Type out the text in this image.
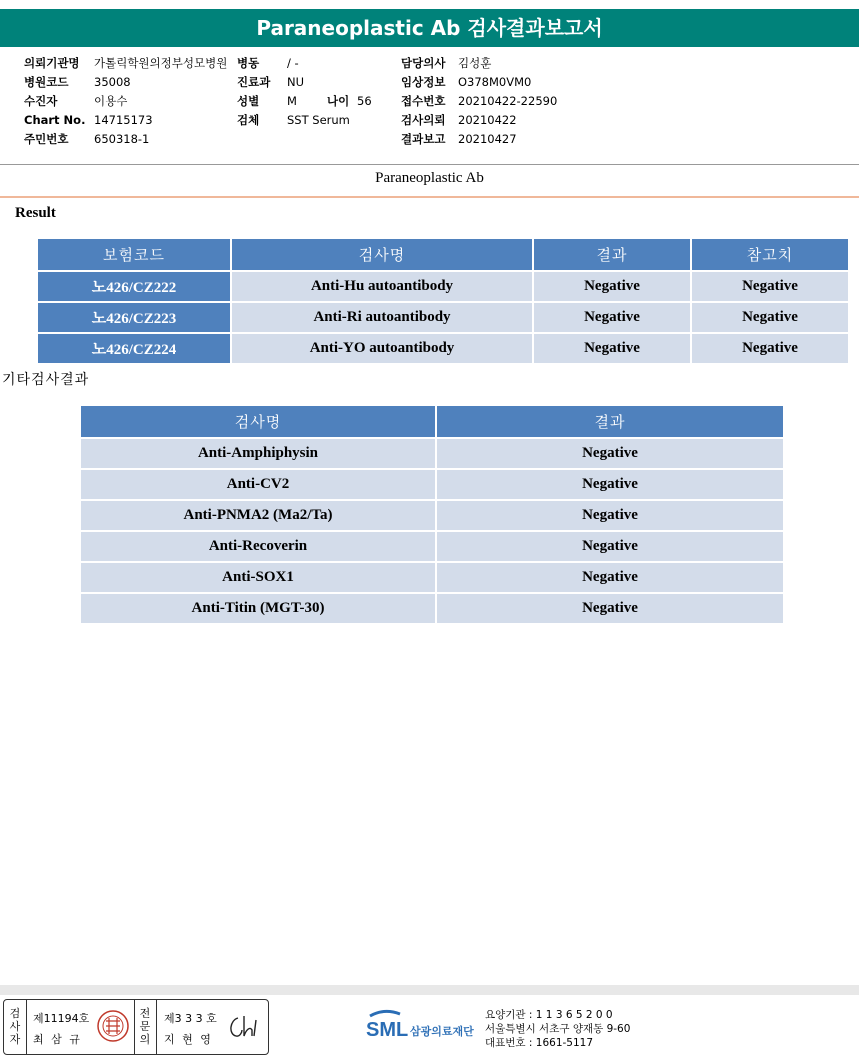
Paraneoplastic Ab 검사결과보고서
의뢰기관명 가톨릭학원의정부성모병원
병원코드 35008
수진자	이용수
Chart No. 14715173
주민번호 650318-1
병동 / -
진료과 NU
성별 M	나이 56
검체 SST Serum
담당의사 김성훈
임상정보 O378M0VM0
접수번호 20210422-22590
검사의뢰 20210422
결과보고 20210427
Paraneoplastic Ab
Result
보험코드	검사명	결과	참고치
노426/CZ222	Anti-Hu autoantibody	Negative	Negative
노426/CZ223	Anti-Ri autoantibody	Negative	Negative
노426/CZ224	Anti-YO autoantibody	Negative	Negative
기타검사결과
검사명	결과
Anti-Amphiphysin	Negative
Anti-CV2	Negative
Anti-PNMA2 (Ma2/Ta)	Negative
Anti-Recoverin	Negative
Anti-SOX1	Negative
Anti-Titin (MGT-30)	Negative
검
사
자
제11194호
최 삼 규
전
문
의
제3 3 3 호
지 현 영	SML 삼광의료재단
요양기관 : 1 1 3 6 5 2 0 0
서울특별시 서초구 양재동 9-60
대표번호 : 1661-5117
